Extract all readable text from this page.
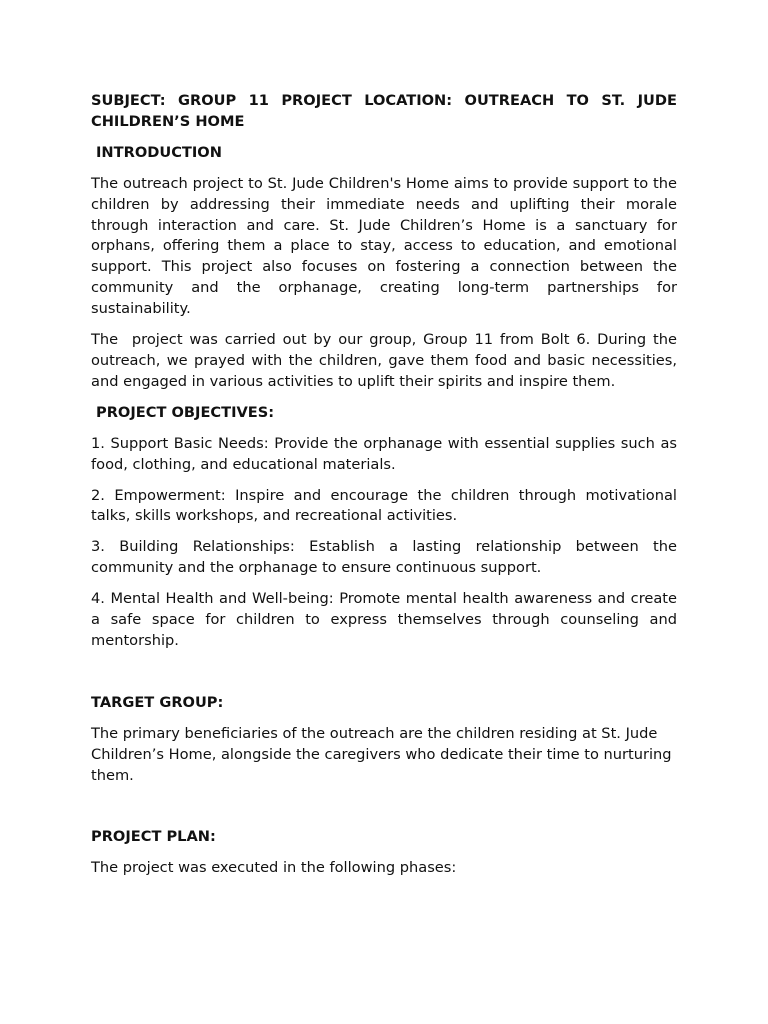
SUBJECT: GROUP 11 PROJECT LOCATION: OUTREACH TO ST. JUDE CHILDREN’S HOME
INTRODUCTION

The outreach project to St. Jude Children's Home aims to provide support to the children by addressing their immediate needs and uplifting their morale through interaction and care. St. Jude Children’s Home is a sanctuary for orphans, offering them a place to stay, access to education, and emotional support. This project also focuses on fostering a connection between the community and the orphanage, creating long-term partnerships for sustainability.

The  project was carried out by our group, Group 11 from Bolt 6. During the outreach, we prayed with the children, gave them food and basic necessities, and engaged in various activities to uplift their spirits and inspire them.

PROJECT OBJECTIVES:

1. Support Basic Needs: Provide the orphanage with essential supplies such as food, clothing, and educational materials.

2. Empowerment: Inspire and encourage the children through motivational talks, skills workshops, and recreational activities.

3. Building Relationships: Establish a lasting relationship between the community and the orphanage to ensure continuous support.

4. Mental Health and Well-being: Promote mental health awareness and create a safe space for children to express themselves through counseling and mentorship.

TARGET GROUP:

The primary beneficiaries of the outreach are the children residing at St. Jude Children’s Home, alongside the caregivers who dedicate their time to nurturing them.

PROJECT PLAN:

The project was executed in the following phases:
